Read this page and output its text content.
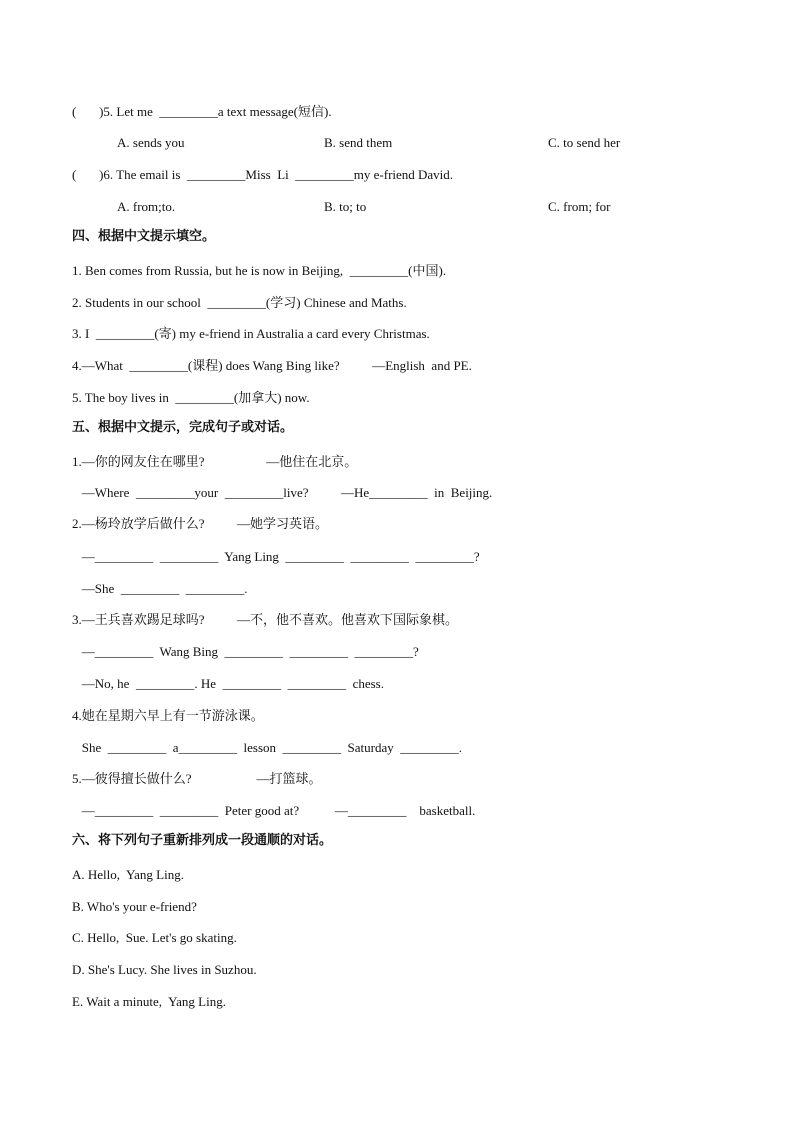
(       )5. Let me  _________a text message(短信).
A. sends you	B. send them	C. to send her
(       )6. The email is  _________Miss  Li  _________my e-friend David.
A. from;to.	B. to; to	C. from; for
四、根据中文提示填空。
1. Ben comes from Russia, but he is now in Beijing,  _________(中国).
2. Students in our school  _________(学习) Chinese and Maths.
3. I  _________(寄) my e-friend in Australia a card every Christmas.
4.—What  _________(课程) does Wang Bing like?          —English  and PE.
5. The boy lives in  _________(加拿大) now.
五、根据中文提示，完成句子或对话。
1.—你的网友住在哪里?                   —他住在北京。
—Where  _________your  _________live?          —He_________  in  Beijing.
2.—杨玲放学后做什么?          —她学习英语。
—_________  _________  Yang Ling  _________  _________  _________?
—She  _________  _________.
3.—王兵喜欢踢足球吗?          —不，他不喜欢。他喜欢下国际象棋。
—_________  Wang Bing  _________  _________  _________?
—No, he  _________. He  _________  _________  chess.
4.她在星期六早上有一节游泳课。
She  _________  a_________  lesson  _________  Saturday  _________.
5.—彼得擅长做什么?                    —打篮球。
—_________  _________  Peter good at?           —_________    basketball.
六、将下列句子重新排列成一段通顺的对话。
A. Hello,  Yang Ling.
B. Who's your e-friend?
C. Hello,  Sue. Let's go skating.
D. She's Lucy. She lives in Suzhou.
E. Wait a minute,  Yang Ling.
